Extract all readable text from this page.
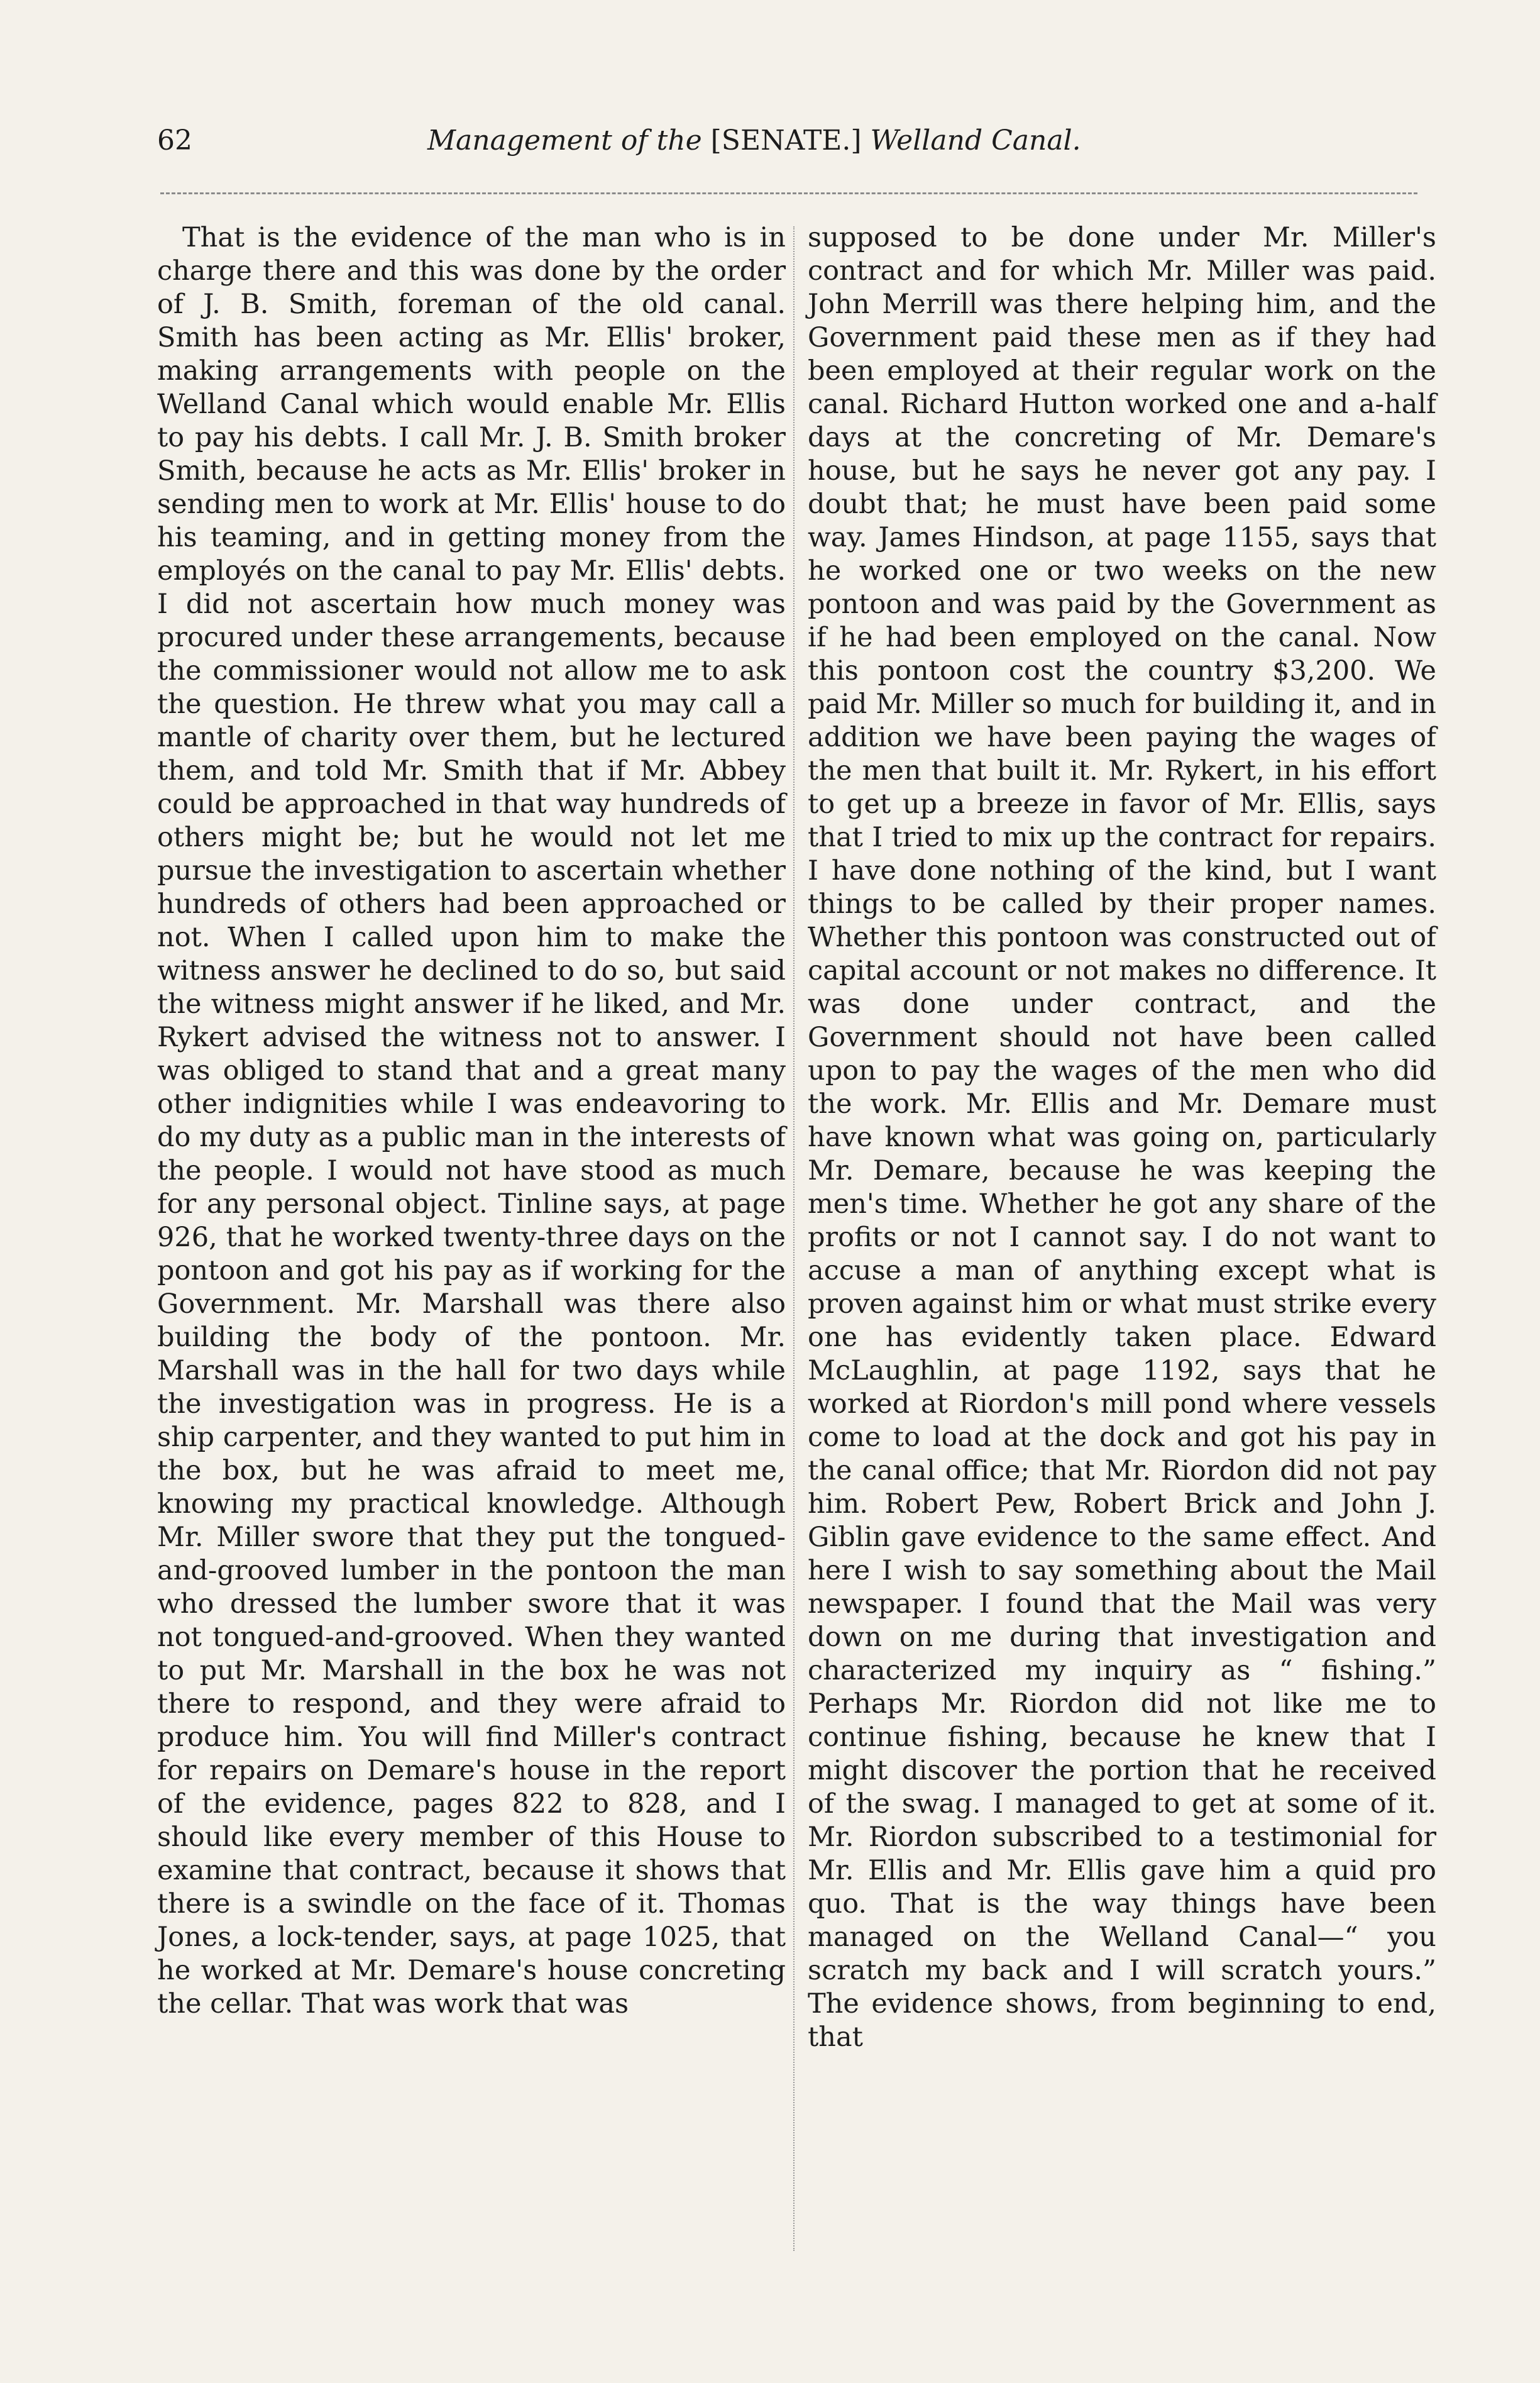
62	Management of the [SENATE.] Welland Canal.

That is the evidence of the man who is in charge there and this was done by the order of J. B. Smith, foreman of the old canal. Smith has been acting as Mr. Ellis' broker, making arrangements with people on the Welland Canal which would enable Mr. Ellis to pay his debts. I call Mr. J. B. Smith broker Smith, because he acts as Mr. Ellis' broker in sending men to work at Mr. Ellis' house to do his teaming, and in getting money from the employés on the canal to pay Mr. Ellis' debts. I did not ascertain how much money was procured under these arrangements, because the commissioner would not allow me to ask the question. He threw what you may call a mantle of charity over them, but he lectured them, and told Mr. Smith that if Mr. Abbey could be approached in that way hundreds of others might be; but he would not let me pursue the investigation to ascertain whether hundreds of others had been approached or not. When I called upon him to make the witness answer he declined to do so, but said the witness might answer if he liked, and Mr. Rykert advised the witness not to answer. I was obliged to stand that and a great many other indignities while I was endeavoring to do my duty as a public man in the interests of the people. I would not have stood as much for any personal object. Tinline says, at page 926, that he worked twenty-three days on the pontoon and got his pay as if working for the Government. Mr. Marshall was there also building the body of the pontoon. Mr. Marshall was in the hall for two days while the investigation was in progress. He is a ship carpenter, and they wanted to put him in the box, but he was afraid to meet me, knowing my practical knowledge. Although Mr. Miller swore that they put the tongued-and-grooved lumber in the pontoon the man who dressed the lumber swore that it was not tongued-and-grooved. When they wanted to put Mr. Marshall in the box he was not there to respond, and they were afraid to produce him. You will find Miller's contract for repairs on Demare's house in the report of the evidence, pages 822 to 828, and I should like every member of this House to examine that contract, because it shows that there is a swindle on the face of it. Thomas Jones, a lock-tender, says, at page 1025, that he worked at Mr. Demare's house concreting the cellar. That was work that was

supposed to be done under Mr. Miller's contract and for which Mr. Miller was paid. John Merrill was there helping him, and the Government paid these men as if they had been employed at their regular work on the canal. Richard Hutton worked one and a-half days at the concreting of Mr. Demare's house, but he says he never got any pay. I doubt that; he must have been paid some way. James Hindson, at page 1155, says that he worked one or two weeks on the new pontoon and was paid by the Government as if he had been employed on the canal. Now this pontoon cost the country $3,200. We paid Mr. Miller so much for building it, and in addition we have been paying the wages of the men that built it. Mr. Rykert, in his effort to get up a breeze in favor of Mr. Ellis, says that I tried to mix up the contract for repairs. I have done nothing of the kind, but I want things to be called by their proper names. Whether this pontoon was constructed out of capital account or not makes no difference. It was done under contract, and the Government should not have been called upon to pay the wages of the men who did the work. Mr. Ellis and Mr. Demare must have known what was going on, particularly Mr. Demare, because he was keeping the men's time. Whether he got any share of the profits or not I cannot say. I do not want to accuse a man of anything except what is proven against him or what must strike every one has evidently taken place. Edward McLaughlin, at page 1192, says that he worked at Riordon's mill pond where vessels come to load at the dock and got his pay in the canal office; that Mr. Riordon did not pay him. Robert Pew, Robert Brick and John J. Giblin gave evidence to the same effect. And here I wish to say something about the Mail newspaper. I found that the Mail was very down on me during that investigation and characterized my inquiry as “ fishing.” Perhaps Mr. Riordon did not like me to continue fishing, because he knew that I might discover the portion that he received of the swag. I managed to get at some of it. Mr. Riordon subscribed to a testimonial for Mr. Ellis and Mr. Ellis gave him a quid pro quo. That is the way things have been managed on the Welland Canal—“ you scratch my back and I will scratch yours.” The evidence shows, from beginning to end, that
